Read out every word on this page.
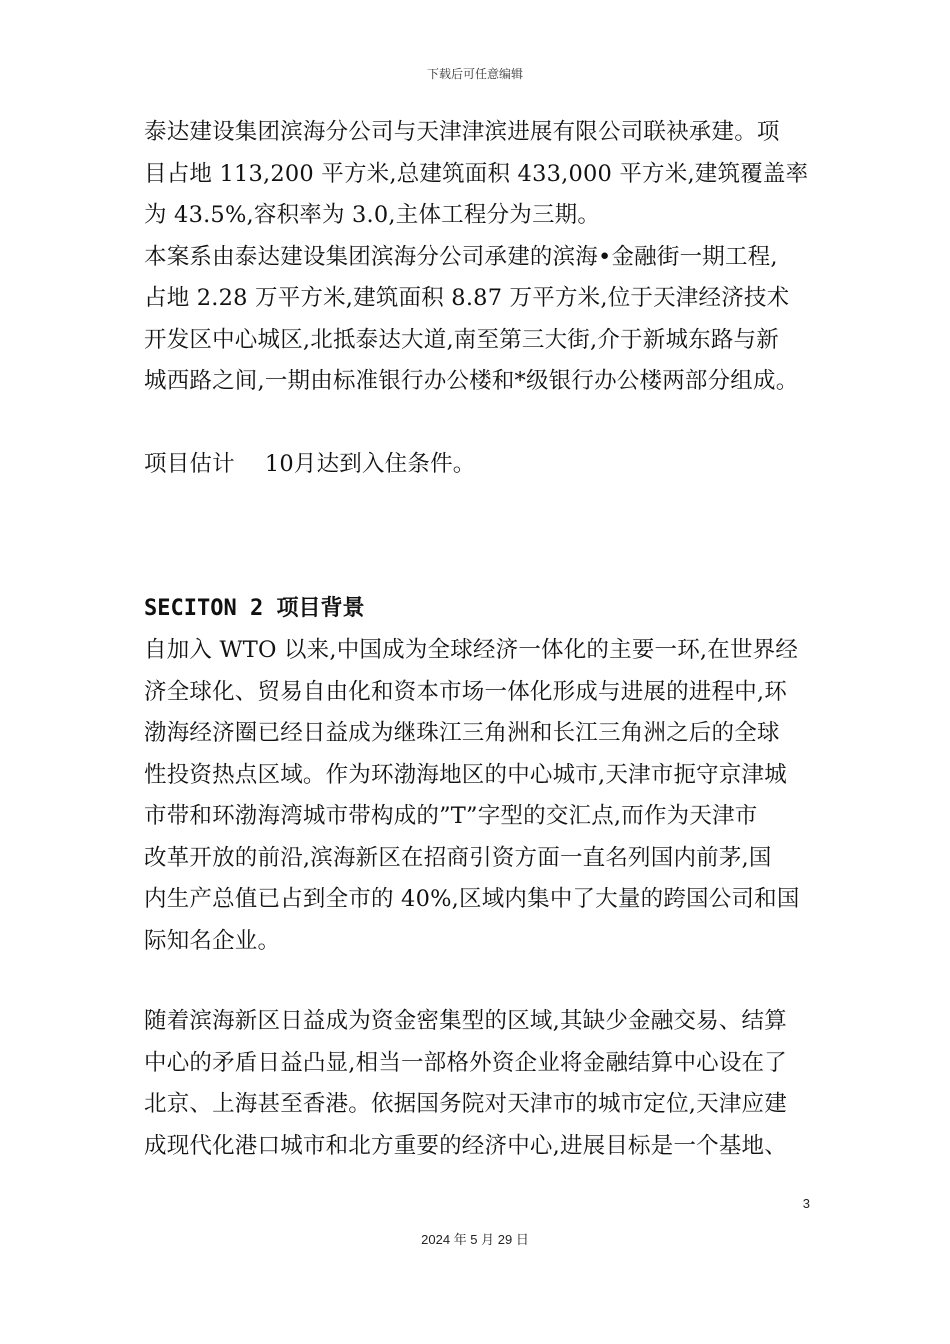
下载后可任意编辑
泰达建设集团滨海分公司与天津津滨进展有限公司联袂承建。项
目占地 113,200 平方米,总建筑面积 433,000 平方米,建筑覆盖率
为 43.5%,容积率为 3.0,主体工程分为三期。
本案系由泰达建设集团滨海分公司承建的滨海•金融街一期工程,
占地 2.28 万平方米,建筑面积 8.87 万平方米,位于天津经济技术
开发区中心城区,北抵泰达大道,南至第三大街,介于新城东路与新
城西路之间,一期由标准银行办公楼和*级银行办公楼两部分组成。
项目估计　 10月达到入住条件。
SECITON 2 项目背景
自加入 WTO 以来,中国成为全球经济一体化的主要一环,在世界经
济全球化、贸易自由化和资本市场一体化形成与进展的进程中,环
渤海经济圈已经日益成为继珠江三角洲和长江三角洲之后的全球
性投资热点区域。作为环渤海地区的中心城市,天津市扼守京津城
市带和环渤海湾城市带构成的”T”字型的交汇点,而作为天津市
改革开放的前沿,滨海新区在招商引资方面一直名列国内前茅,国
内生产总值已占到全市的 40%,区域内集中了大量的跨国公司和国
际知名企业。
随着滨海新区日益成为资金密集型的区域,其缺少金融交易、结算
中心的矛盾日益凸显,相当一部格外资企业将金融结算中心设在了
北京、上海甚至香港。依据国务院对天津市的城市定位,天津应建
成现代化港口城市和北方重要的经济中心,进展目标是一个基地、
3
2024 年 5 月 29 日
